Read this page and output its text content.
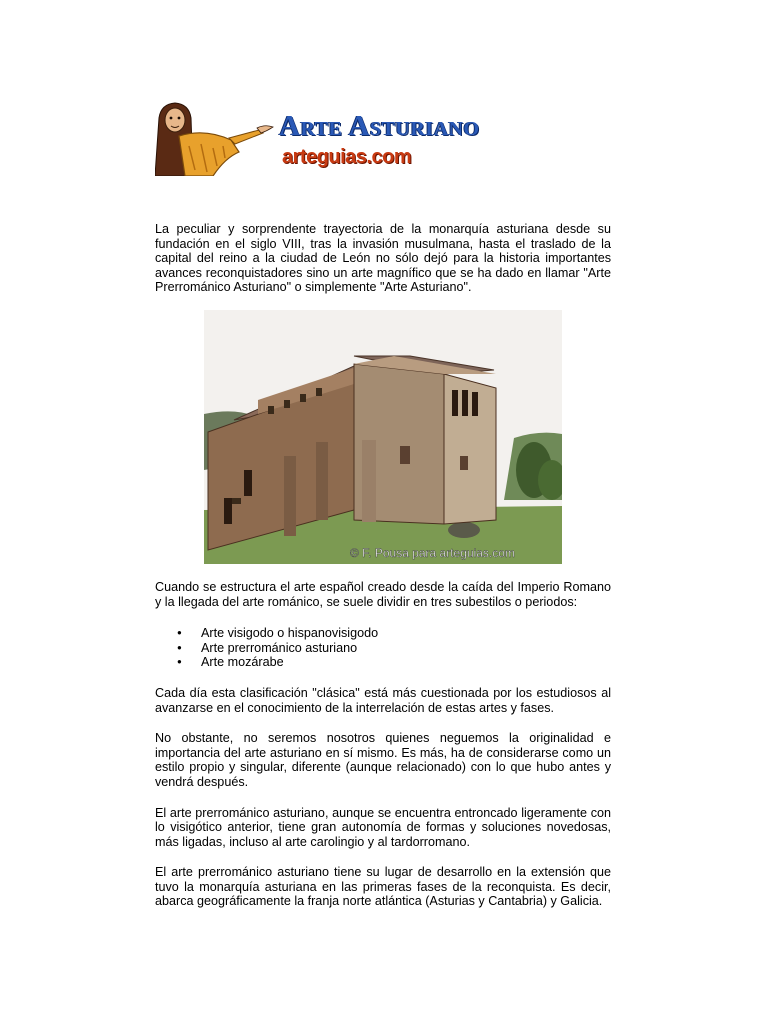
Arte Asturiano
arteguias.com

La peculiar y sorprendente trayectoria de la monarquía asturiana desde su fundación en el siglo VIII, tras la invasión musulmana, hasta el traslado de la capital del reino a la ciudad de León no sólo dejó para la historia importantes avances reconquistadores sino un arte magnífico que se ha dado en llamar "Arte Prerrománico Asturiano" o simplemente "Arte Asturiano".

© F. Pousa para arteguias.com

Cuando se estructura el arte español creado desde la caída del Imperio Romano y la llegada del arte románico, se suele dividir en tres subestilos o periodos:

● Arte visigodo o hispanovisigodo
● Arte prerrománico asturiano
● Arte mozárabe

Cada día esta clasificación "clásica" está más cuestionada por los estudiosos al avanzarse en el conocimiento de la interrelación de estas artes y fases.

No obstante, no seremos nosotros quienes neguemos la originalidad e importancia del arte asturiano en sí mismo. Es más, ha de considerarse como un estilo propio y singular, diferente (aunque relacionado) con lo que hubo antes y vendrá después.

El arte prerrománico asturiano, aunque se encuentra entroncado ligeramente con lo visigótico anterior, tiene gran autonomía de formas y soluciones novedosas, más ligadas, incluso al arte carolingio y al tardorromano.

El arte prerrománico asturiano tiene su lugar de desarrollo en la extensión que tuvo la monarquía asturiana en las primeras fases de la reconquista. Es decir, abarca geográficamente la franja norte atlántica (Asturias y Cantabria) y Galicia.
